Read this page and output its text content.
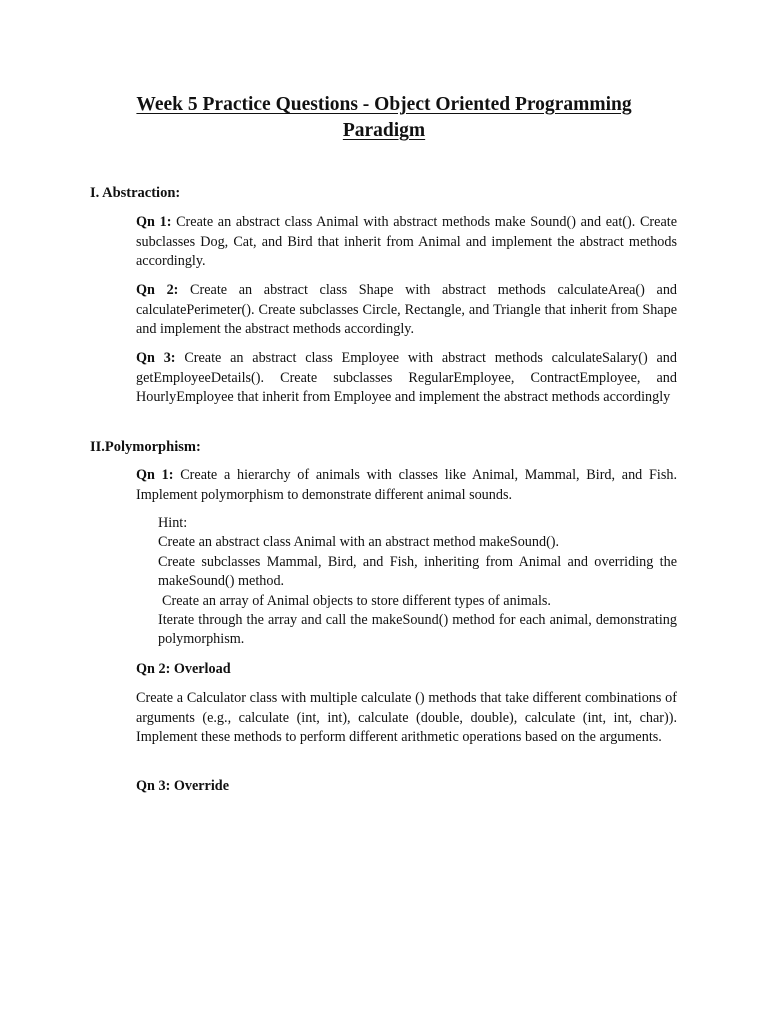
Week 5 Practice Questions - Object Oriented Programming
Paradigm
I. Abstraction:
Qn 1: Create an abstract class Animal with abstract methods make Sound() and eat(). Create subclasses Dog, Cat, and Bird that inherit from Animal and implement the abstract methods accordingly.
Qn 2: Create an abstract class Shape with abstract methods calculateArea() and calculatePerimeter(). Create subclasses Circle, Rectangle, and Triangle that inherit from Shape and implement the abstract methods accordingly.
Qn 3: Create an abstract class Employee with abstract methods calculateSalary() and getEmployeeDetails(). Create subclasses RegularEmployee, ContractEmployee, and HourlyEmployee that inherit from Employee and implement the abstract methods accordingly
II.Polymorphism:
Qn 1: Create a hierarchy of animals with classes like Animal, Mammal, Bird, and Fish. Implement polymorphism to demonstrate different animal sounds.
Hint:
Create an abstract class Animal with an abstract method makeSound().
Create subclasses Mammal, Bird, and Fish, inheriting from Animal and overriding the makeSound() method.
Create an array of Animal objects to store different types of animals.
Iterate through the array and call the makeSound() method for each animal, demonstrating polymorphism.
Qn 2: Overload
Create a Calculator class with multiple calculate () methods that take different combinations of arguments (e.g., calculate (int, int), calculate (double, double), calculate (int, int, char)). Implement these methods to perform different arithmetic operations based on the arguments.
Qn 3: Override
